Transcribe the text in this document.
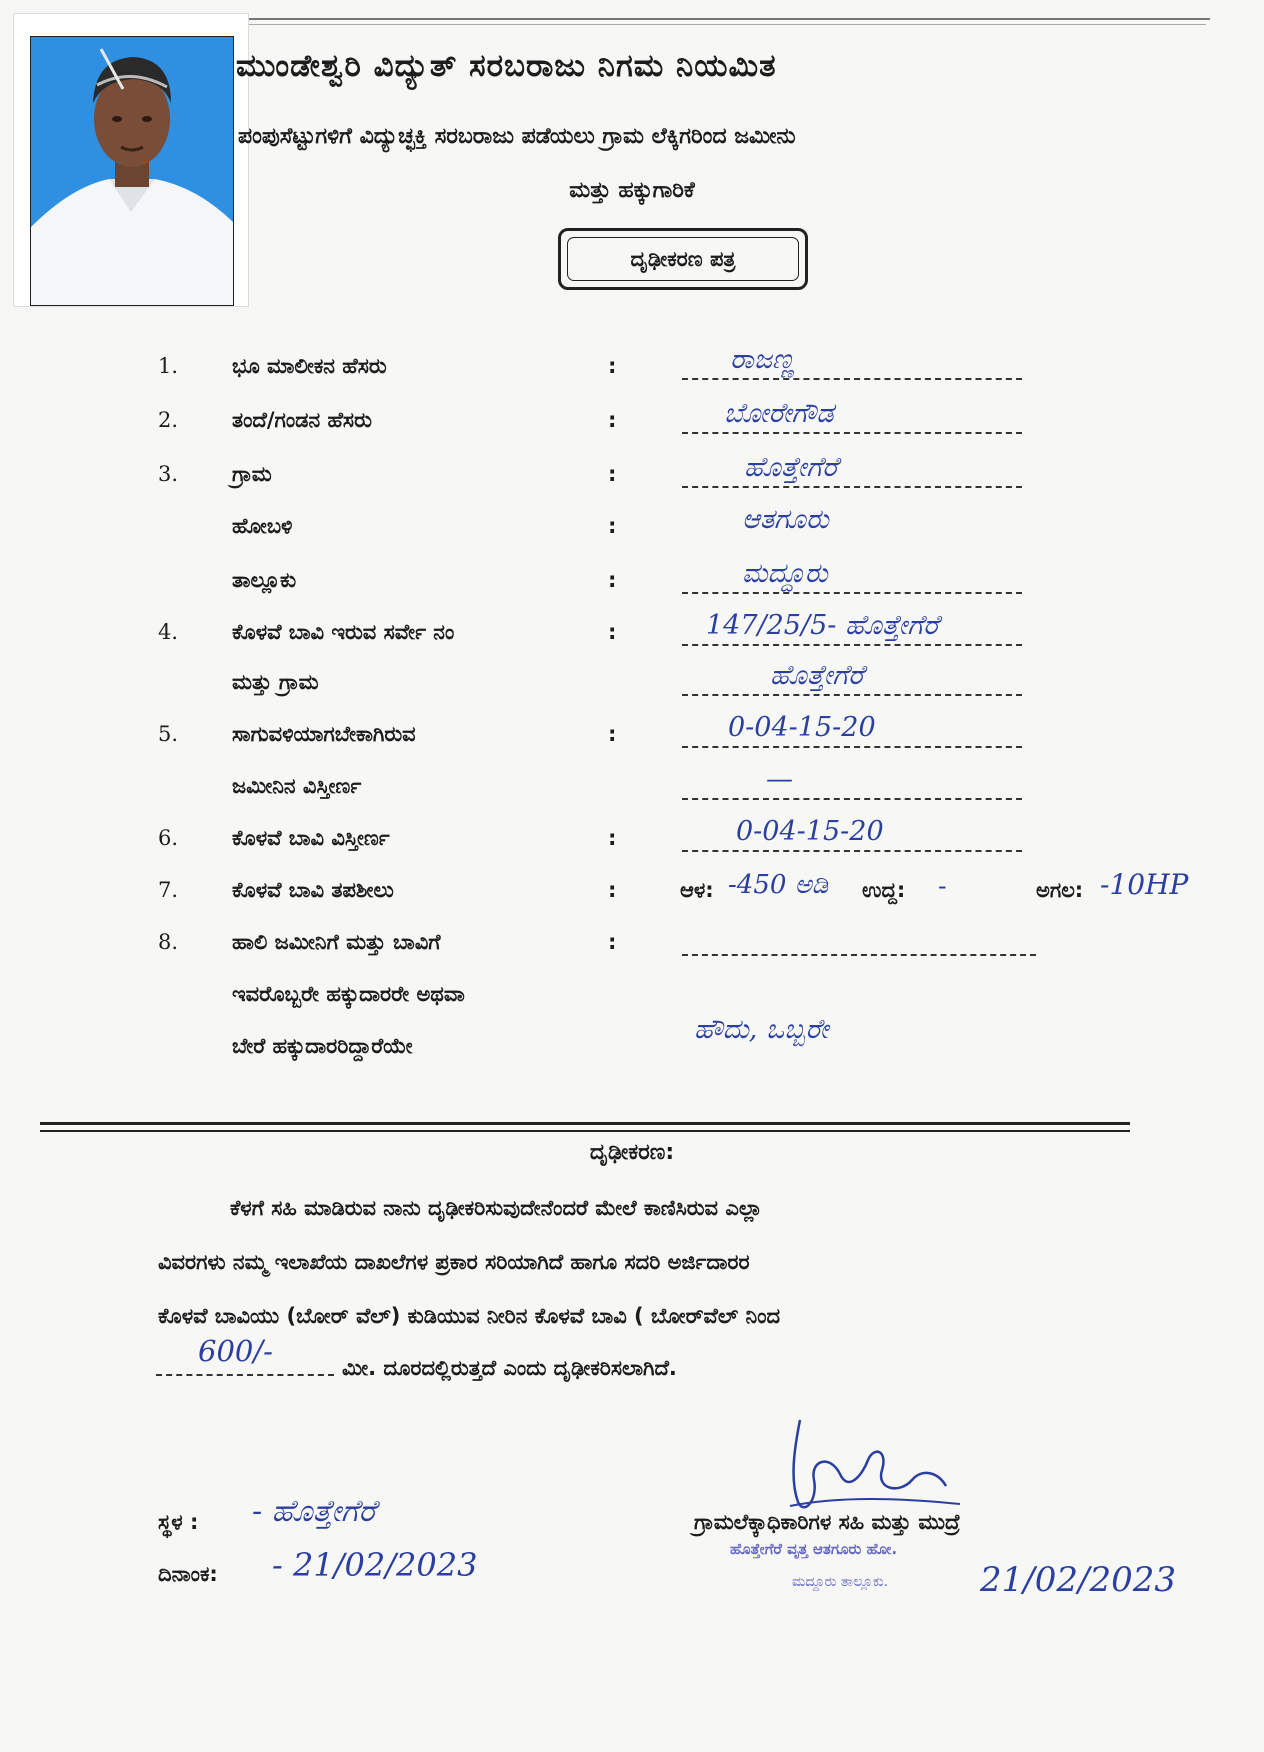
ಮುಂಡೇಶ್ವರಿ ವಿದ್ಯುತ್ ಸರಬರಾಜು ನಿಗಮ ನಿಯಮಿತ
ಪಂಪುಸೆಟ್ಟುಗಳಿಗೆ ವಿದ್ಯುಚ್ಛಕ್ತಿ ಸರಬರಾಜು ಪಡೆಯಲು ಗ್ರಾಮ ಲೆಕ್ಕಿಗರಿಂದ ಜಮೀನು
ಮತ್ತು ಹಕ್ಕುಗಾರಿಕೆ
ದೃಢೀಕರಣ ಪತ್ರ
1.	ಭೂ ಮಾಲೀಕನ ಹೆಸರು	:	ರಾಜಣ್ಣ
2.	ತಂದೆ/ಗಂಡನ ಹೆಸರು	:	ಬೋರೇಗೌಡ
3.	ಗ್ರಾಮ	:	ಹೊತ್ತೇಗೆರೆ
ಹೋಬಳಿ	:	ಆತಗೂರು
ತಾಲ್ಲೂಕು	:	ಮದ್ದೂರು
4.	ಕೊಳವೆ ಬಾವಿ ಇರುವ ಸರ್ವೇ ನಂ	:	147/25/5- ಹೊತ್ತೇಗೆರೆ
ಮತ್ತು ಗ್ರಾಮ	ಹೊತ್ತೇಗೆರೆ
5.	ಸಾಗುವಳಿಯಾಗಬೇಕಾಗಿರುವ	:	0-04-15-20
ಜಮೀನಿನ ವಿಸ್ತೀರ್ಣ	—
6.	ಕೊಳವೆ ಬಾವಿ ವಿಸ್ತೀರ್ಣ	:	0-04-15-20
7.	ಕೊಳವೆ ಬಾವಿ ತಪಶೀಲು	:	ಆಳ: -450 ಅಡಿ ಉದ್ದ: -	ಅಗಲ: -10HP
8.	ಹಾಲಿ ಜಮೀನಿಗೆ ಮತ್ತು ಬಾವಿಗೆ	:
ಇವರೊಬ್ಬರೇ ಹಕ್ಕುದಾರರೇ ಅಥವಾ
ಬೇರೆ ಹಕ್ಕುದಾರರಿದ್ದಾರೆಯೇ
ಹೌದು, ಒಬ್ಬರೇ
ದೃಢೀಕರಣ:
ಕೆಳಗೆ ಸಹಿ ಮಾಡಿರುವ ನಾನು ದೃಢೀಕರಿಸುವುದೇನೆಂದರೆ ಮೇಲೆ ಕಾಣಿಸಿರುವ ಎಲ್ಲಾ
ವಿವರಗಳು ನಮ್ಮ ಇಲಾಖೆಯ ದಾಖಲೆಗಳ ಪ್ರಕಾರ ಸರಿಯಾಗಿದೆ ಹಾಗೂ ಸದರಿ ಅರ್ಜಿದಾರರ
ಕೊಳವೆ ಬಾವಿಯು (ಬೋರ್ ವೆಲ್) ಕುಡಿಯುವ ನೀರಿನ ಕೊಳವೆ ಬಾವಿ ( ಬೋರ್‌ವೆಲ್ ನಿಂದ
600/-	ಮೀ. ದೂರದಲ್ಲಿರುತ್ತದೆ ಎಂದು ದೃಢೀಕರಿಸಲಾಗಿದೆ.
ಸ್ಥಳ : - ಹೊತ್ತೇಗೆರೆ
ದಿನಾಂಕ: - 21/02/2023
ಗ್ರಾಮಲೆಕ್ಕಾಧಿಕಾರಿಗಳ ಸಹಿ ಮತ್ತು ಮುದ್ರೆ
ಹೊತ್ತೇಗೆರೆ ವೃತ್ತ ಆತಗೂರು ಹೋ.
ಮದ್ದೂರು ತಾಲ್ಲೂಕು.	21/02/2023
